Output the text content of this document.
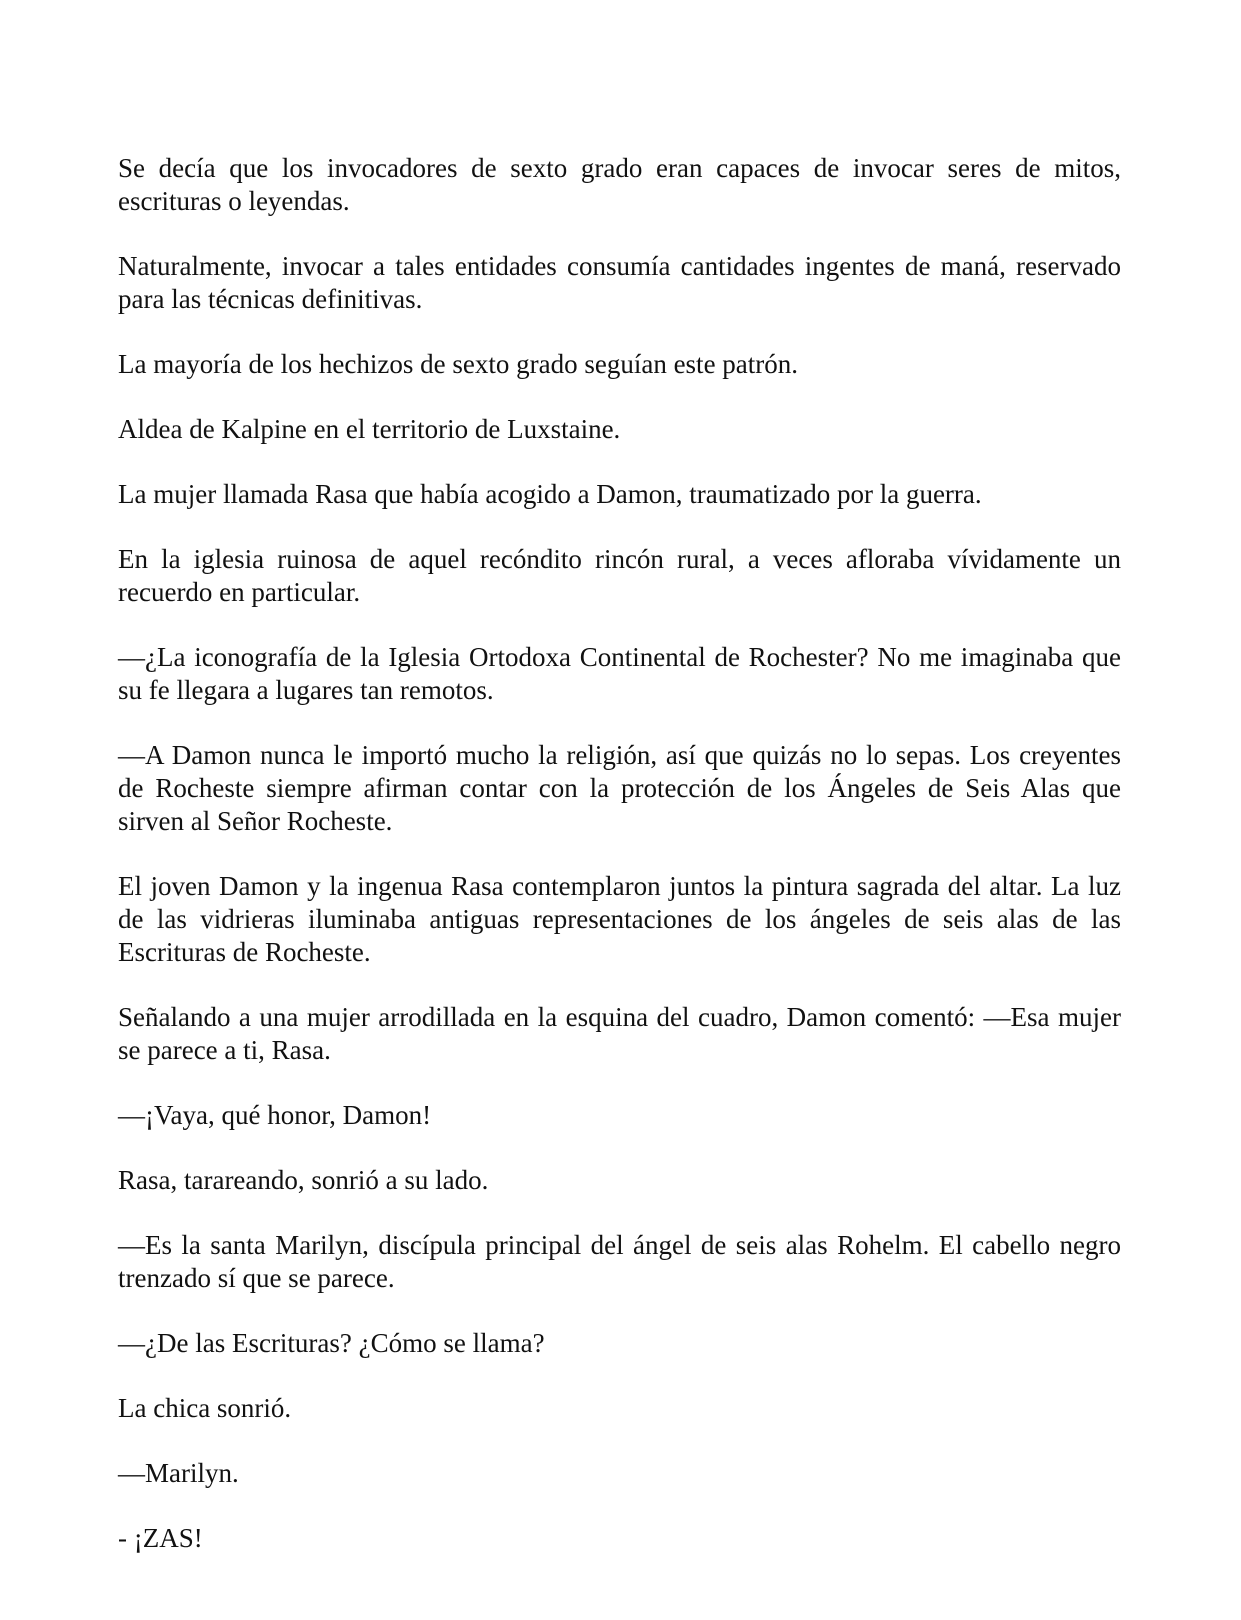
Se decía que los invocadores de sexto grado eran capaces de invocar seres de mitos, escrituras o leyendas.

Naturalmente, invocar a tales entidades consumía cantidades ingentes de maná, reservado para las técnicas definitivas.

La mayoría de los hechizos de sexto grado seguían este patrón.

Aldea de Kalpine en el territorio de Luxstaine.

La mujer llamada Rasa que había acogido a Damon, traumatizado por la guerra.

En la iglesia ruinosa de aquel recóndito rincón rural, a veces afloraba vívidamente un recuerdo en particular.

—¿La iconografía de la Iglesia Ortodoxa Continental de Rochester? No me imaginaba que su fe llegara a lugares tan remotos.

—A Damon nunca le importó mucho la religión, así que quizás no lo sepas. Los creyentes de Rocheste siempre afirman contar con la protección de los Ángeles de Seis Alas que sirven al Señor Rocheste.

El joven Damon y la ingenua Rasa contemplaron juntos la pintura sagrada del altar. La luz de las vidrieras iluminaba antiguas representaciones de los ángeles de seis alas de las Escrituras de Rocheste.

Señalando a una mujer arrodillada en la esquina del cuadro, Damon comentó: —Esa mujer se parece a ti, Rasa.

—¡Vaya, qué honor, Damon!

Rasa, tarareando, sonrió a su lado.

—Es la santa Marilyn, discípula principal del ángel de seis alas Rohelm. El cabello negro trenzado sí que se parece.

—¿De las Escrituras? ¿Cómo se llama?

La chica sonrió.

—Marilyn.

- ¡ZAS!
